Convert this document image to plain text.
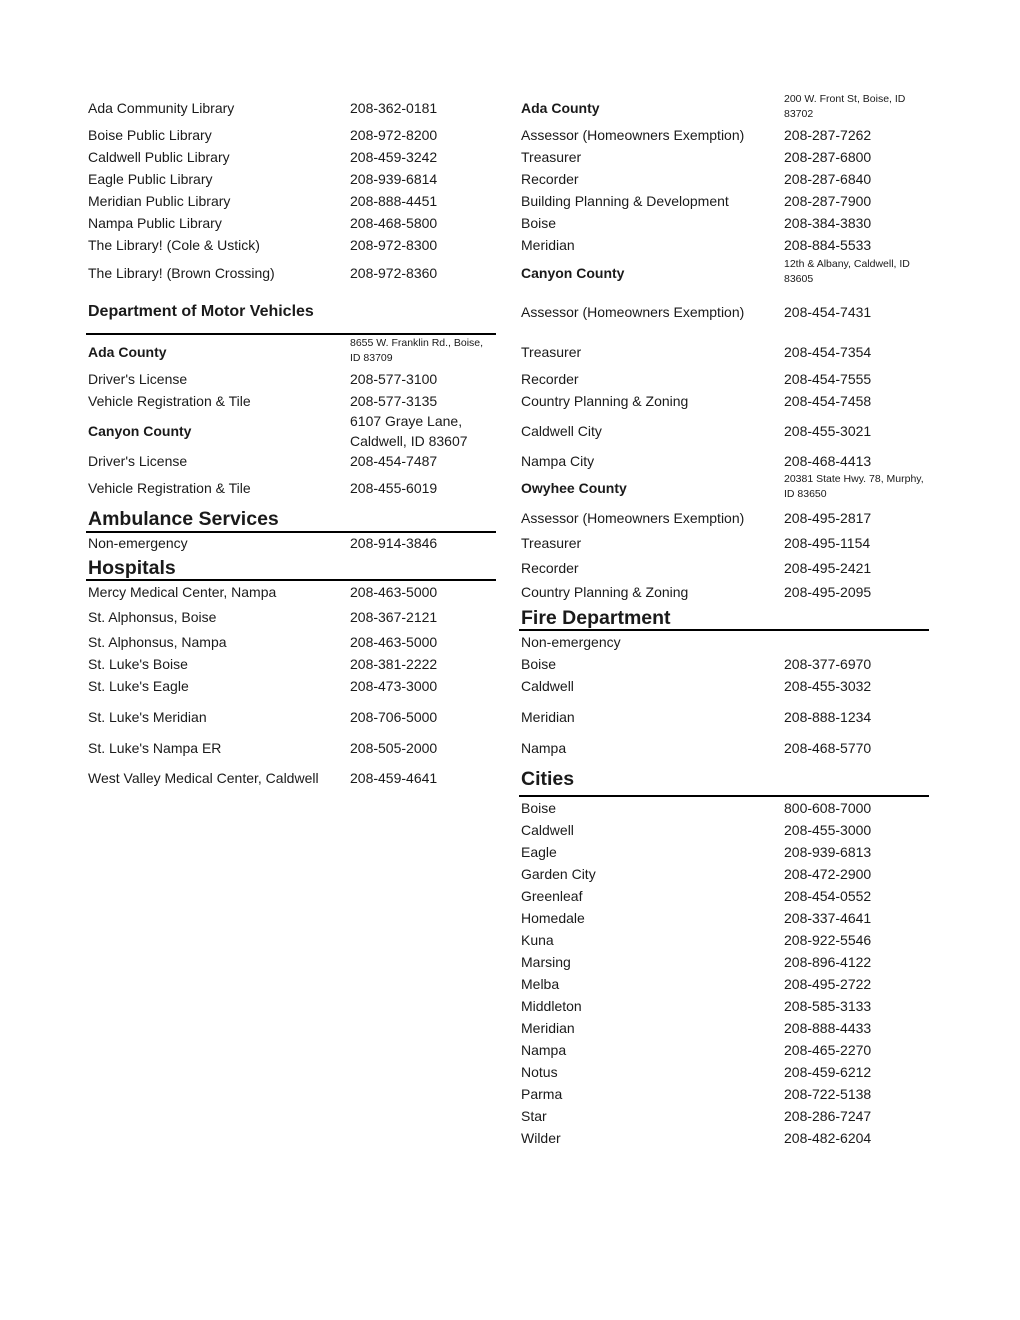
Ada Community Library	208-362-0181
Boise Public Library	208-972-8200
Caldwell Public Library	208-459-3242
Eagle Public Library	208-939-6814
Meridian Public Library	208-888-4451
Nampa Public Library	208-468-5800
The Library! (Cole & Ustick)	208-972-8300
The Library! (Brown Crossing)	208-972-8360
Department of Motor Vehicles
Ada County
8655 W. Franklin Rd., Boise, ID 83709
Driver's License	208-577-3100
Vehicle Registration & Tile	208-577-3135
Canyon County
6107 Graye Lane,
Caldwell, ID 83607
Driver's License	208-454-7487
Vehicle Registration & Tile	208-455-6019
Ambulance Services
Non-emergency	208-914-3846
Hospitals
Mercy Medical Center, Nampa	208-463-5000
St. Alphonsus, Boise	208-367-2121
St. Alphonsus, Nampa	208-463-5000
St. Luke's Boise	208-381-2222
St. Luke's Eagle	208-473-3000
St. Luke's Meridian	208-706-5000
St. Luke's Nampa ER	208-505-2000
West Valley Medical Center, Caldwell 208-459-4641
Ada County
200 W. Front St, Boise, ID 83702
Assessor (Homeowners Exemption)	208-287-7262
Treasurer	208-287-6800
Recorder	208-287-6840
Building Planning & Development	208-287-7900
Boise	208-384-3830
Meridian	208-884-5533
Canyon County
12th & Albany, Caldwell, ID 83605
Assessor (Homeowners Exemption)	208-454-7431
Treasurer	208-454-7354
Recorder	208-454-7555
Country Planning & Zoning	208-454-7458
Caldwell City	208-455-3021
Nampa City	208-468-4413
Owyhee County
20381 State Hwy. 78, Murphy, ID 83650
Assessor (Homeowners Exemption)	208-495-2817
Treasurer	208-495-1154
Recorder	208-495-2421
Country Planning & Zoning	208-495-2095
Fire Department
Non-emergency
Boise	208-377-6970
Caldwell	208-455-3032
Meridian	208-888-1234
Nampa	208-468-5770
Cities
Boise	800-608-7000
Caldwell	208-455-3000
Eagle	208-939-6813
Garden City	208-472-2900
Greenleaf	208-454-0552
Homedale	208-337-4641
Kuna	208-922-5546
Marsing	208-896-4122
Melba	208-495-2722
Middleton	208-585-3133
Meridian	208-888-4433
Nampa	208-465-2270
Notus	208-459-6212
Parma	208-722-5138
Star	208-286-7247
Wilder	208-482-6204
